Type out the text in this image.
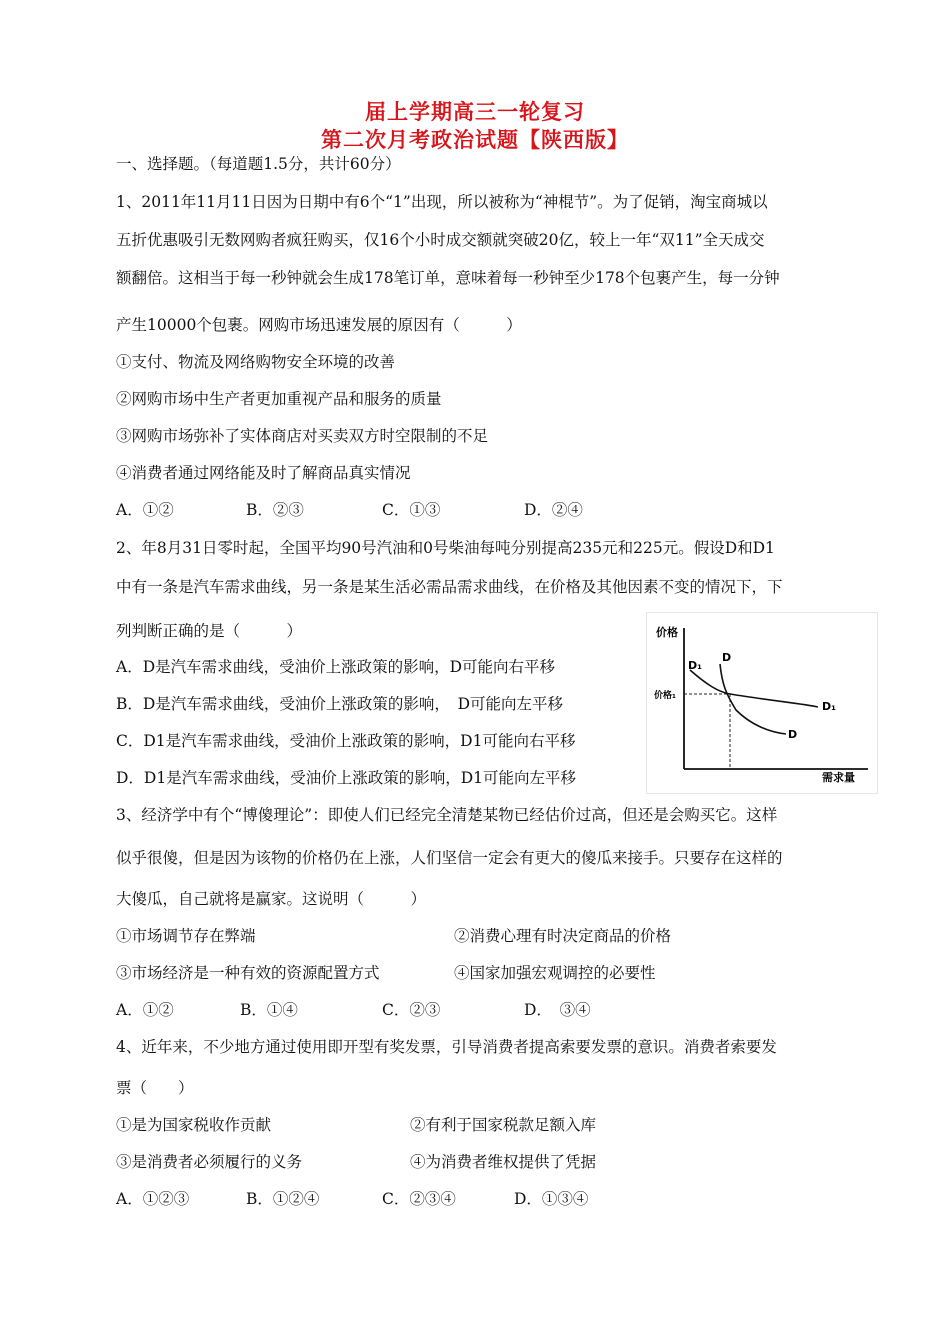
届上学期高三一轮复习
第二次月考政治试题【陕西版】
一、选择题。（每道题1.5分，共计60分）
1、2011年11月11日因为日期中有6个“1”出现，所以被称为“神棍节”。为了促销，淘宝商城以
五折优惠吸引无数网购者疯狂购买，仅16个小时成交额就突破20亿，较上一年“双11”全天成交
额翻倍。这相当于每一秒钟就会生成178笔订单，意味着每一秒钟至少178个包裹产生，每一分钟
产生10000个包裹。网购市场迅速发展的原因有（　　　）
①支付、物流及网络购物安全环境的改善
②网购市场中生产者更加重视产品和服务的质量
③网购市场弥补了实体商店对买卖双方时空限制的不足
④消费者通过网络能及时了解商品真实情况
A．①②	B．②③	C．①③	D．②④
2、年8月31日零时起，全国平均90号汽油和0号柴油每吨分别提高235元和225元。假设D和D1
中有一条是汽车需求曲线，另一条是某生活必需品需求曲线，在价格及其他因素不变的情况下，下
列判断正确的是（　　　）
A．D是汽车需求曲线，受油价上涨政策的影响，D可能向右平移
B．D是汽车需求曲线，受油价上涨政策的影响，　D可能向左平移
C．D1是汽车需求曲线，受油价上涨政策的影响，D1可能向右平移
D．D1是汽车需求曲线，受油价上涨政策的影响，D1可能向左平移
价格
需求量
价格₁
D₁
D
D₁
D
3、经济学中有个“博傻理论”：即使人们已经完全清楚某物已经估价过高，但还是会购买它。这样
似乎很傻，但是因为该物的价格仍在上涨，人们坚信一定会有更大的傻瓜来接手。只要存在这样的
大傻瓜，自己就将是赢家。这说明（　　　）
①市场调节存在弊端	②消费心理有时决定商品的价格
③市场经济是一种有效的资源配置方式	④国家加强宏观调控的必要性
A．①②	B．①④	C．②③	D．　③④
4、近年来，不少地方通过使用即开型有奖发票，引导消费者提高索要发票的意识。消费者索要发
票（　　）
①是为国家税收作贡献	②有利于国家税款足额入库
③是消费者必须履行的义务	④为消费者维权提供了凭据
A．①②③	B．①②④	C．②③④	D．①③④
